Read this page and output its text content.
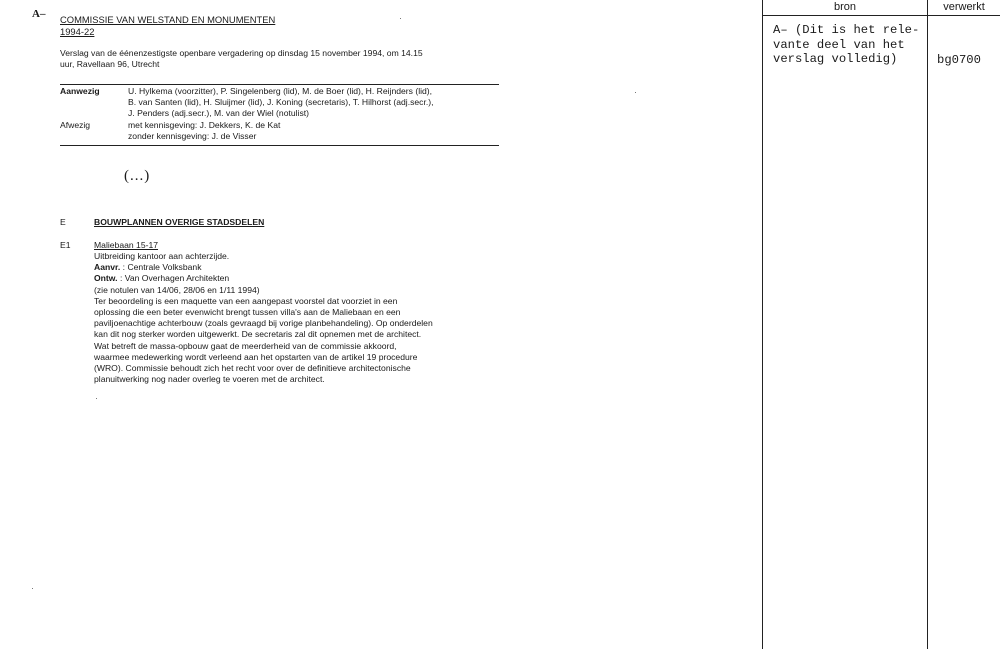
A– COMMISSIE VAN WELSTAND EN MONUMENTEN
1994-22
Verslag van de éénenzestigste openbare vergadering op dinsdag 15 november 1994, om 14.15
uur, Ravellaan 96, Utrecht
Aanwezig	U. Hylkema (voorzitter), P. Singelenberg (lid), M. de Boer (lid), H. Reijnders (lid),
B. van Santen (lid), H. Sluijmer (lid), J. Koning (secretaris), T. Hilhorst (adj.secr.),
J. Penders (adj.secr.), M. van der Wiel (notulist)
Afwezig	met kennisgeving: J. Dekkers, K. de Kat
zonder kennisgeving: J. de Visser
(...)
E	BOUWPLANNEN OVERIGE STADSDELEN
E1	Maliebaan 15-17
Uitbreiding kantoor aan achterzijde.
Aanvr. : Centrale Volksbank
Ontw. : Van Overhagen Architekten
(zie notulen van 14/06, 28/06 en 1/11 1994)
Ter beoordeling is een maquette van een aangepast voorstel dat voorziet in een
oplossing die een beter evenwicht brengt tussen villa's aan de Maliebaan en een
paviljoenachtige achterbouw (zoals gevraagd bij vorige planbehandeling). Op onderdelen
kan dit nog sterker worden uitgewerkt. De secretaris zal dit opnemen met de architect.
Wat betreft de massa-opbouw gaat de meerderheid van de commissie akkoord,
waarmee medewerking wordt verleend aan het opstarten van de artikel 19 procedure
(WRO). Commissie behoudt zich het recht voor over de definitieve architectonische
planuitwerking nog nader overleg te voeren met de architect.
bron	verwerkt
A– (Dit is het rele-
vante deel van het
verslag volledig)	bg0700
